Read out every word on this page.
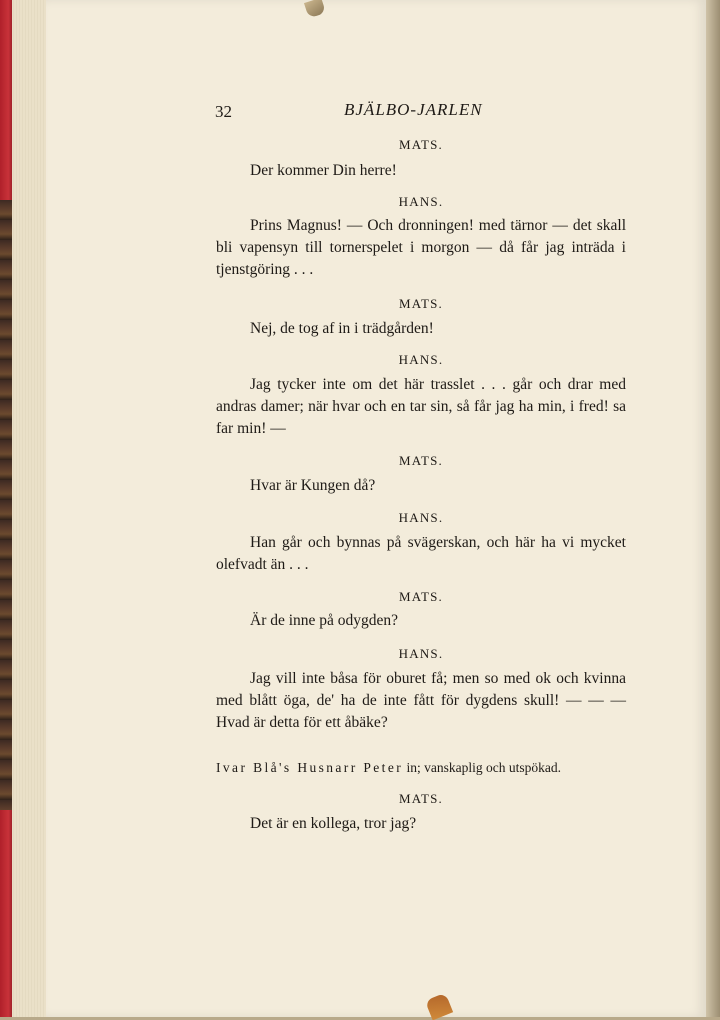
32	BJÄLBO-JARLEN
MATS.
Der kommer Din herre!
HANS.
Prins Magnus! — Och dronningen! med tärnor — det skall bli vapensyn till tornerspelet i morgon — då får jag inträda i tjenstgöring . . .
MATS.
Nej, de tog af in i trädgården!
HANS.
Jag tycker inte om det här trasslet . . . går och drar med andras damer; när hvar och en tar sin, så får jag ha min, i fred! sa far min! —
MATS.
Hvar är Kungen då?
HANS.
Han går och bynnas på svägerskan, och här ha vi mycket olefvadt än . . .
MATS.
Är de inne på odygden?
HANS.
Jag vill inte båsa för oburet få; men so med ok och kvinna med blått öga, de' ha de inte fått för dygdens skull! — — — Hvad är detta för ett åbäke?
Ivar Blå's Husnarr Peter in; vanskaplig och utspökad.
MATS.
Det är en kollega, tror jag?
